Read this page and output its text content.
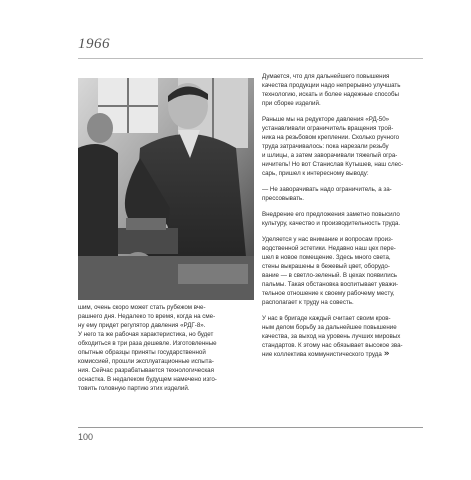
1966

шим, очень скоро может стать рубежом вче-
рашнего дня. Недалеко то время, когда на сме-
ну ему придет регулятор давления «РДГ-8».
У него та же рабочая характеристика, но будет
обходиться в три раза дешевле. Изготовленные
опытные образцы приняты государственной
комиссией, прошли эксплуатационные испыта-
ния. Сейчас разрабатывается технологическая
оснастка. В недалеком будущем намечено изго-
товить головную партию этих изделий.

Думается, что для дальнейшего повышения
качества продукции надо непрерывно улучшать
технологию, искать и более надежные способы
при сборке изделий.

Раньше мы на редукторе давления «РД-50»
устанавливали ограничитель вращения трой-
ника на резьбовом креплении. Сколько ручного
труда затрачивалось: пока нарезали резьбу
и шлицы, а затем заворачивали тяжелый огра-
ничитель! Но вот Станислав Кутышев, наш слес-
сарь, пришел к интересному выводу:

— Не заворачивать надо ограничитель, а за-
прессовывать.

Внедрение его предложения заметно повысило
культуру, качество и производительность труда.

Уделяется у нас внимание и вопросам произ-
водственной эстетики. Недавно наш цех пере-
шел в новое помещение. Здесь много света,
стены выкрашены в бежевый цвет, оборудо-
вание — в светло-зеленый. В цехах появились
пальмы. Такая обстановка воспитывает уважи-
тельное отношение к своему рабочему месту,
располагает к труду на совесть.

У нас в бригаде каждый считает своим кров-
ным делом борьбу за дальнейшее повышение
качества, за выход на уровень лучших мировых
стандартов. К этому нас обязывает высокое зва-
ние коллектива коммунистического труда »

100
